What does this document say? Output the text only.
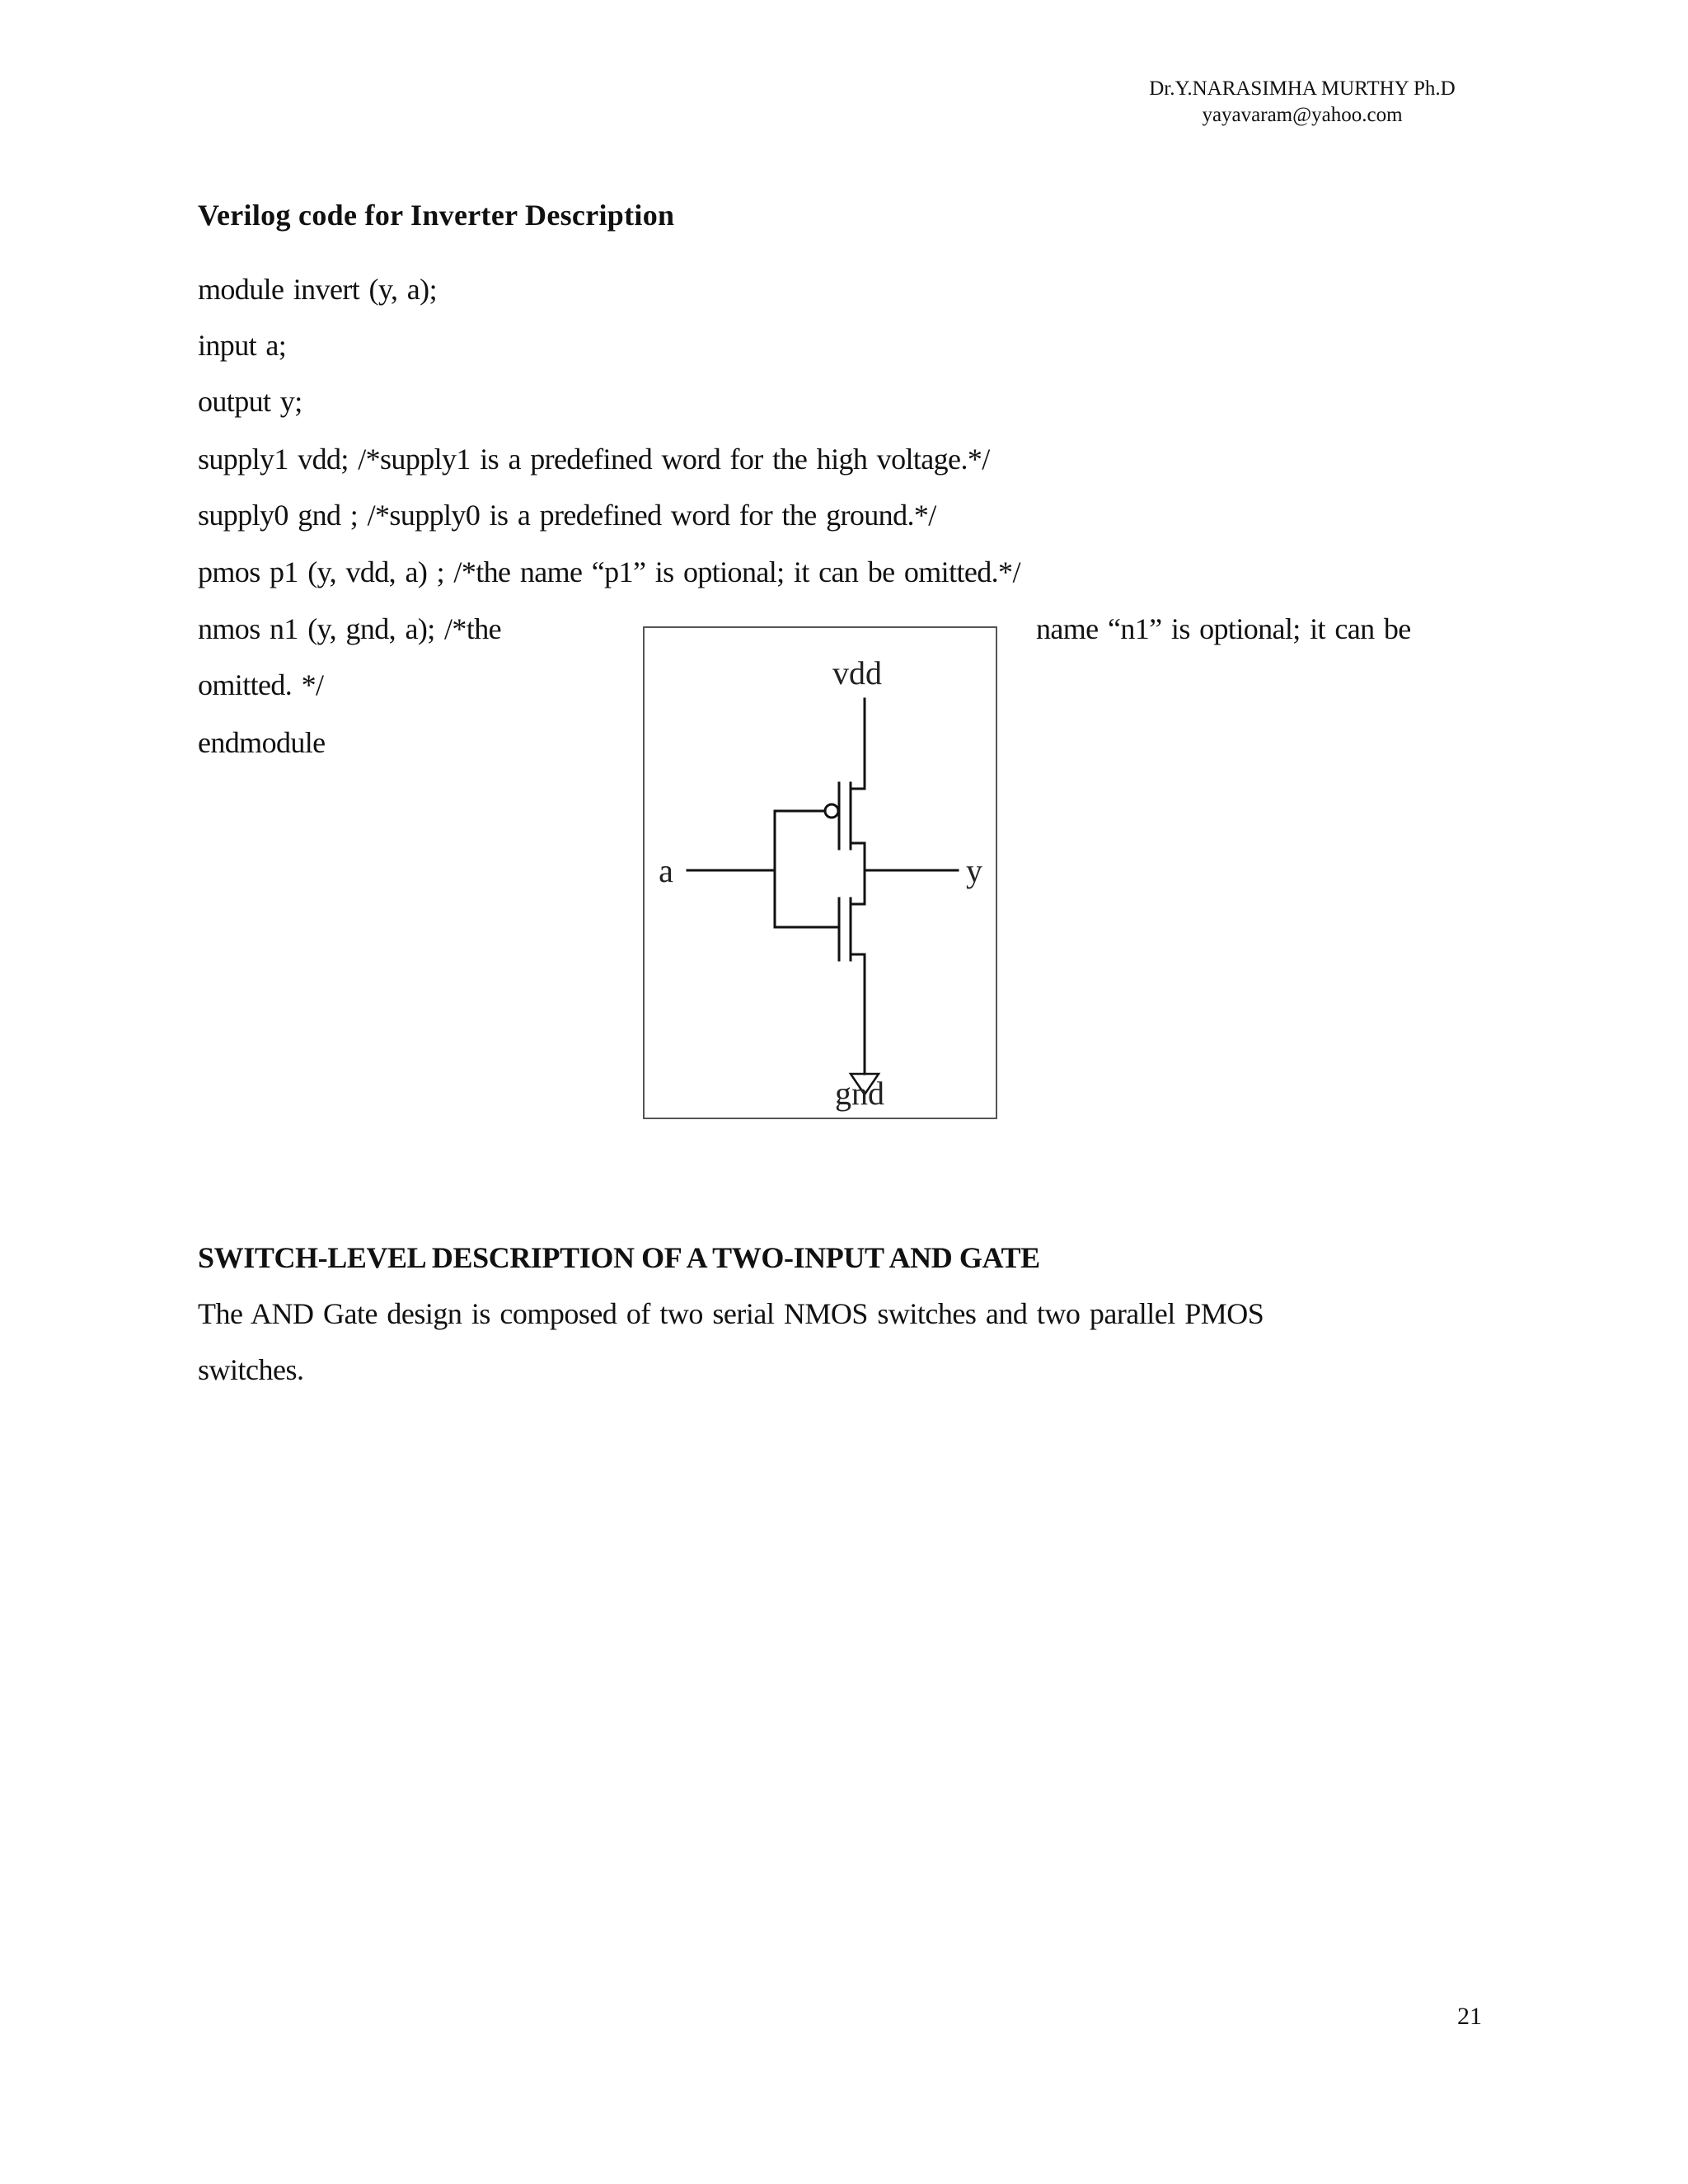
Dr.Y.NARASIMHA MURTHY Ph.D
yayavaram@yahoo.com
Verilog code for Inverter Description
module invert (y, a);
input a;
output y;
supply1 vdd; /*supply1 is a predefined word for the high voltage.*/
supply0 gnd ; /*supply0 is a predefined word for the ground.*/
pmos p1 (y, vdd, a) ; /*the name “p1” is optional; it can be omitted.*/
nmos n1 (y, gnd, a); /*the	name “n1” is optional; it can be
omitted. */
endmodule
vdd
a	y
gnd
SWITCH-LEVEL DESCRIPTION OF A TWO-INPUT AND GATE
The AND Gate design is composed of two serial NMOS switches and two parallel PMOS
switches.
21
